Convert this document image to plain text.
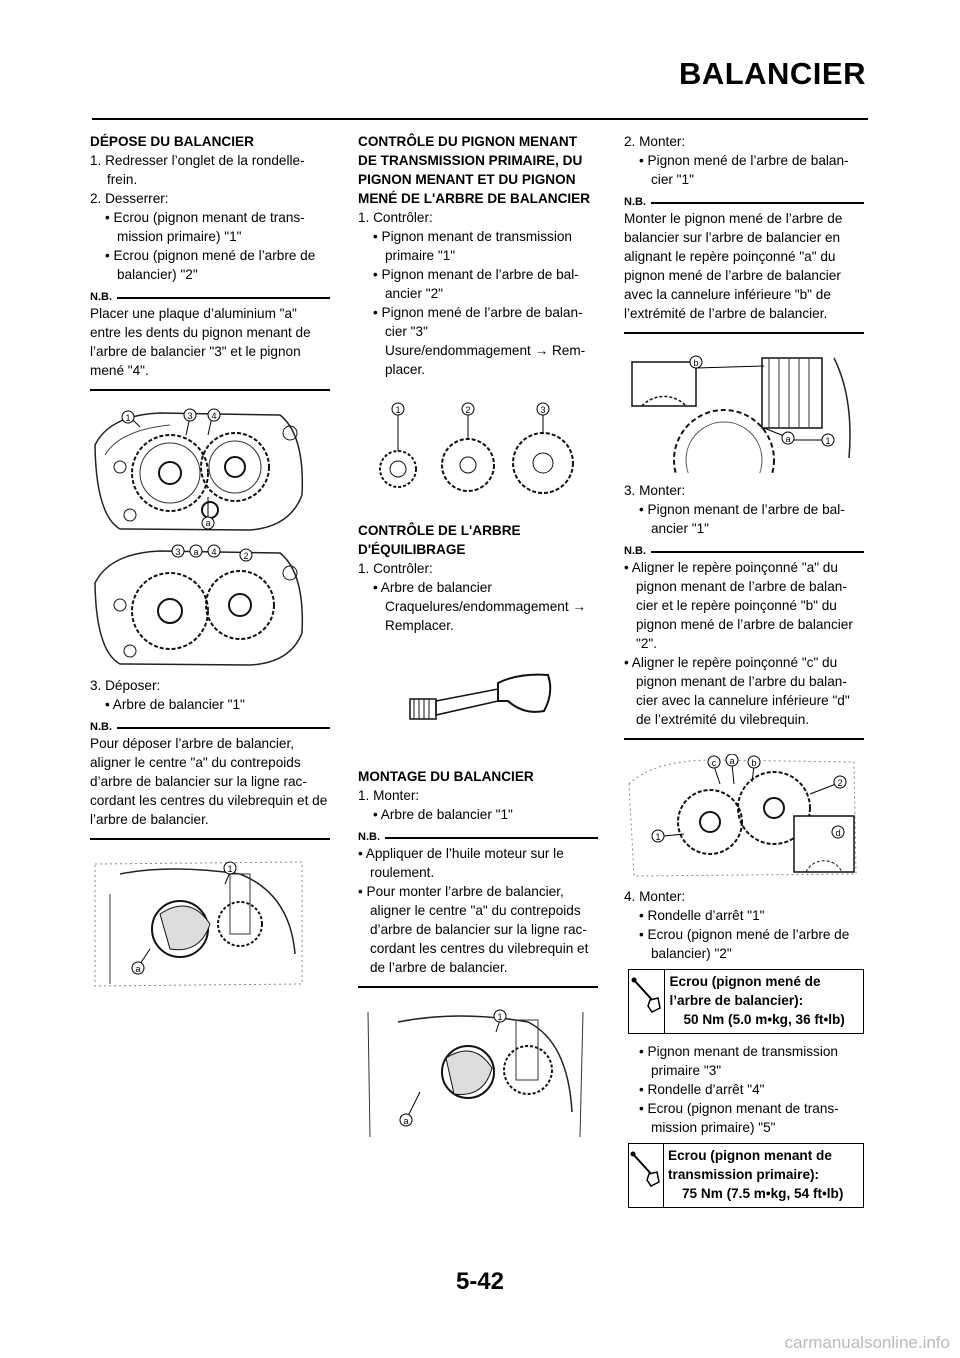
BALANCIER
DÉPOSE DU BALANCIER
1. Redresser l’onglet de la rondelle-frein.
2. Desserrer:
• Ecrou (pignon menant de trans-mission primaire) "1"
• Ecrou (pignon mené de l’arbre de balancier) "2"
N.B.
Placer une plaque d’aluminium "a" entre les dents du pignon menant de l’arbre de balancier "3" et le pignon mené "4".
1	3 4
a
3 a 4	2
3. Déposer:
• Arbre de balancier "1"
N.B.
Pour déposer l’arbre de balancier, aligner le centre "a" du contrepoids d’arbre de balancier sur la ligne rac-cordant les centres du vilebrequin et de l’arbre de balancier.
1
a
CONTRÔLE DU PIGNON MENANT DE TRANSMISSION PRIMAIRE, DU PIGNON MENANT ET DU PIGNON MENÉ DE L'ARBRE DE BALANCIER
1. Contrôler:
• Pignon menant de transmission primaire "1"
• Pignon menant de l’arbre de bal-ancier "2"
• Pignon mené de l’arbre de balan-cier "3"
Usure/endommagement → Rem-placer.
1	2	3
CONTRÔLE DE L'ARBRE D'ÉQUILIBRAGE
1. Contrôler:
• Arbre de balancier
Craquelures/endommagement → Remplacer.
MONTAGE DU BALANCIER
1. Monter:
• Arbre de balancier "1"
N.B.
• Appliquer de l’huile moteur sur le roulement.
• Pour monter l’arbre de balancier, aligner le centre "a" du contrepoids d’arbre de balancier sur la ligne rac-cordant les centres du vilebrequin et de l’arbre de balancier.
1
a
2. Monter:
• Pignon mené de l’arbre de balan-cier "1"
N.B.
Monter le pignon mené de l’arbre de balancier sur l’arbre de balancier en alignant le repère poinçonné "a" du pignon mené de l’arbre de balancier avec la cannelure inférieure "b" de l’extrémité de l’arbre de balancier.
b
a	1
3. Monter:
• Pignon menant de l’arbre de bal-ancier "1"
N.B.
• Aligner le repère poinçonné "a" du pignon menant de l’arbre de balan-cier et le repère poinçonné "b" du pignon mené de l’arbre de balancier "2".
• Aligner le repère poinçonné "c" du pignon menant de l’arbre du balan-cier avec la cannelure inférieure "d" de l’extrémité du vilebrequin.
c a b
2
1	d
4. Monter:
• Rondelle d’arrêt "1"
• Ecrou (pignon mené de l’arbre de balancier) "2"
Ecrou (pignon mené de l’arbre de balancier):
50 Nm (5.0 m•kg, 36 ft•lb)
• Pignon menant de transmission primaire "3"
• Rondelle d’arrêt "4"
• Ecrou (pignon menant de trans-mission primaire) "5"
Ecrou (pignon menant de transmission primaire):
75 Nm (7.5 m•kg, 54 ft•lb)
5-42
carmanualsonline.info
